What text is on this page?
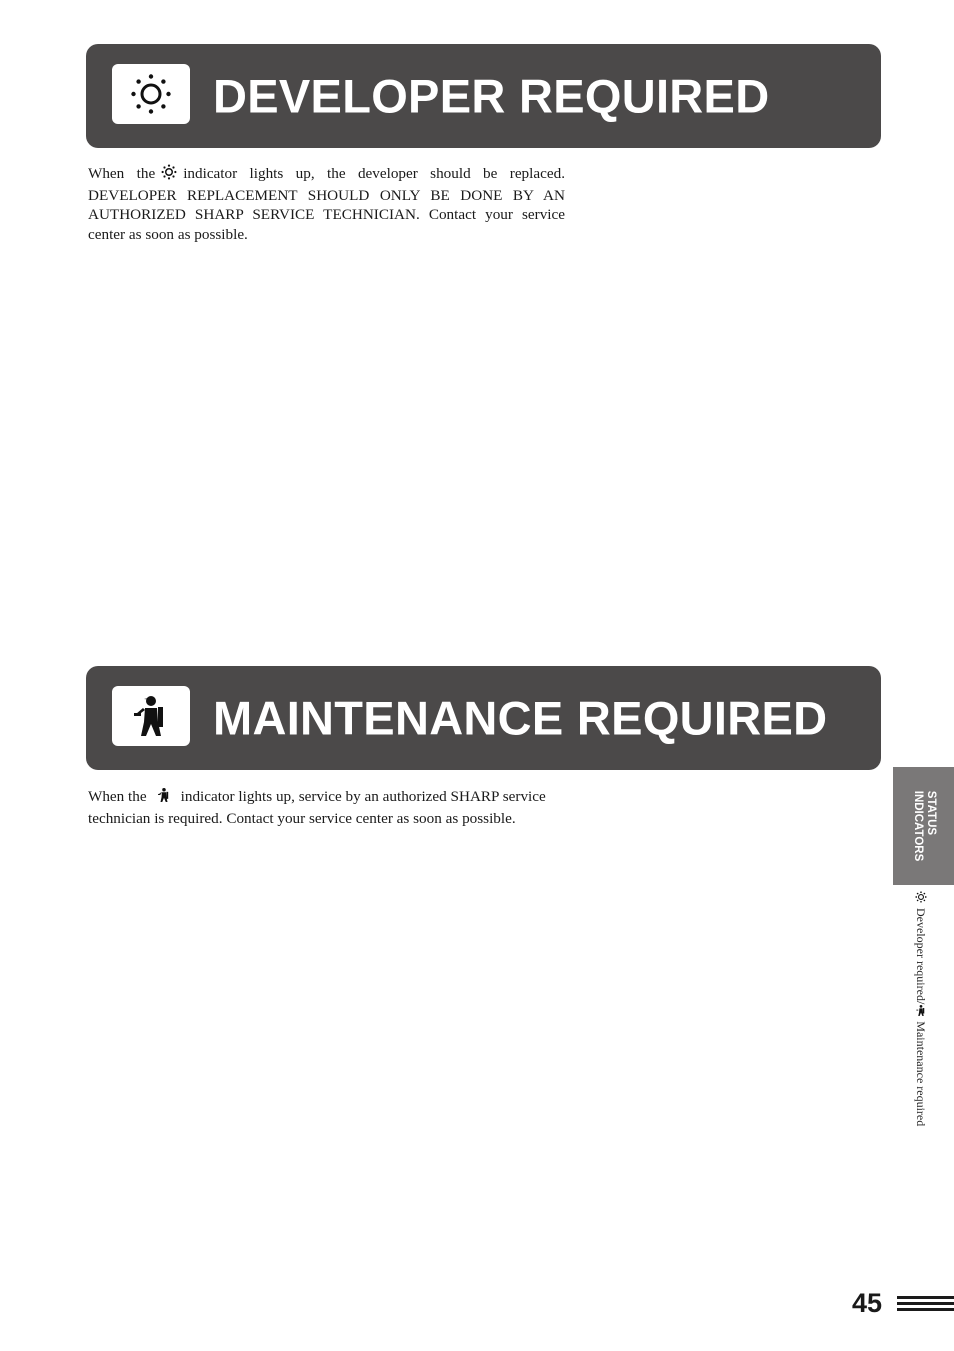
DEVELOPER REQUIRED

When the indicator lights up, the developer should be replaced. DEVELOPER REPLACEMENT SHOULD ONLY BE DONE BY AN AUTHORIZED SHARP SERVICE TECHNICIAN. Contact your service center as soon as possible.

MAINTENANCE REQUIRED

When the indicator lights up, service by an authorized SHARP service technician is required. Contact your service center as soon as possible.	STATUS
INDICATORS
Developer required/
Maintenance required
45
